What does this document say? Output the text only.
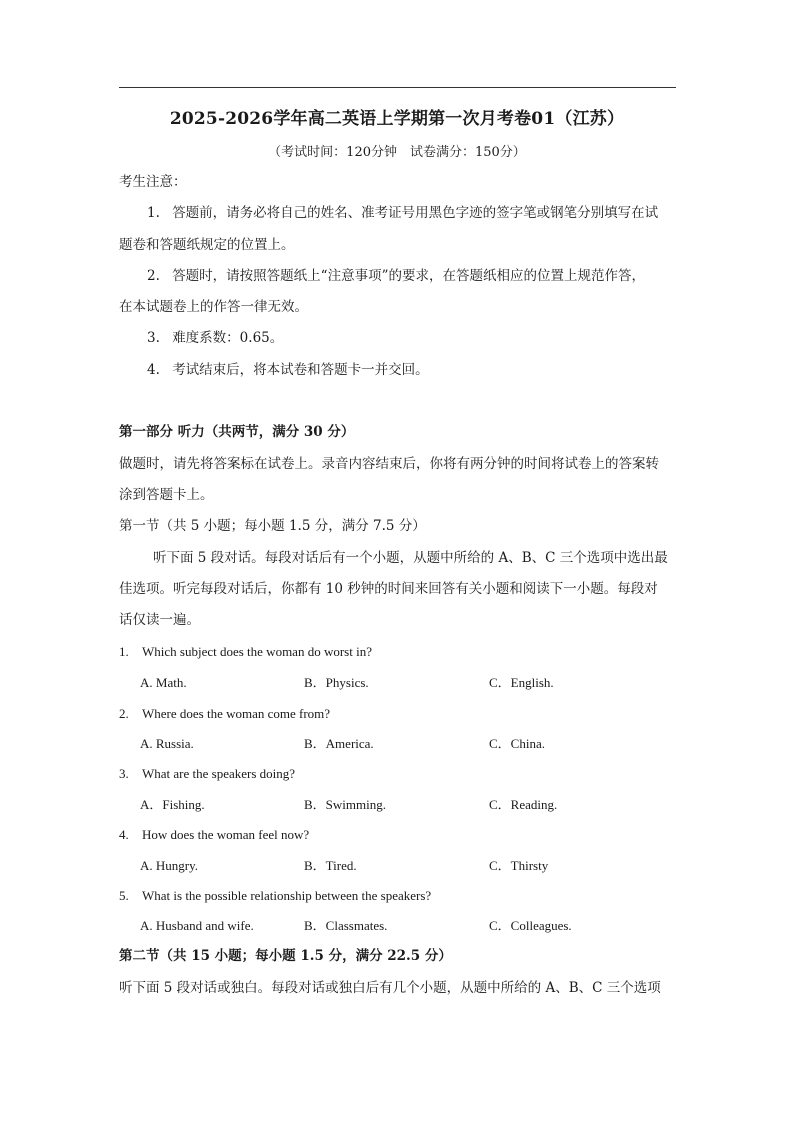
2025-2026学年高二英语上学期第一次月考卷01（江苏）
（考试时间：120分钟　试卷满分：150分）
考生注意：
1. 答题前，请务必将自己的姓名、准考证号用黑色字迹的签字笔或钢笔分别填写在试
题卷和答题纸规定的位置上。
2. 答题时，请按照答题纸上“注意事项”的要求，在答题纸相应的位置上规范作答，
在本试题卷上的作答一律无效。
3. 难度系数：0.65。
4. 考试结束后，将本试卷和答题卡一并交回。
第一部分 听力（共两节，满分 30 分）
做题时，请先将答案标在试卷上。录音内容结束后，你将有两分钟的时间将试卷上的答案转
涂到答题卡上。
第一节（共 5 小题；每小题 1.5 分，满分 7.5 分）
听下面 5 段对话。每段对话后有一个小题，从题中所给的 A、B、C 三个选项中选出最
佳选项。听完每段对话后，你都有 10 秒钟的时间来回答有关小题和阅读下一小题。每段对
话仅读一遍。
1. Which subject does the woman do worst in?
A. Math.	B．Physics.	C．English.
2. Where does the woman come from?
A. Russia.	B．America.	C．China.
3. What are the speakers doing?
A．Fishing.	B．Swimming.	C．Reading.
4. How does the woman feel now?
A. Hungry.	B．Tired.	C．Thirsty
5. What is the possible relationship between the speakers?
A. Husband and wife.	B．Classmates.	C．Colleagues.
第二节（共 15 小题；每小题 1.5 分，满分 22.5 分）
听下面 5 段对话或独白。每段对话或独白后有几个小题，从题中所给的 A、B、C 三个选项
